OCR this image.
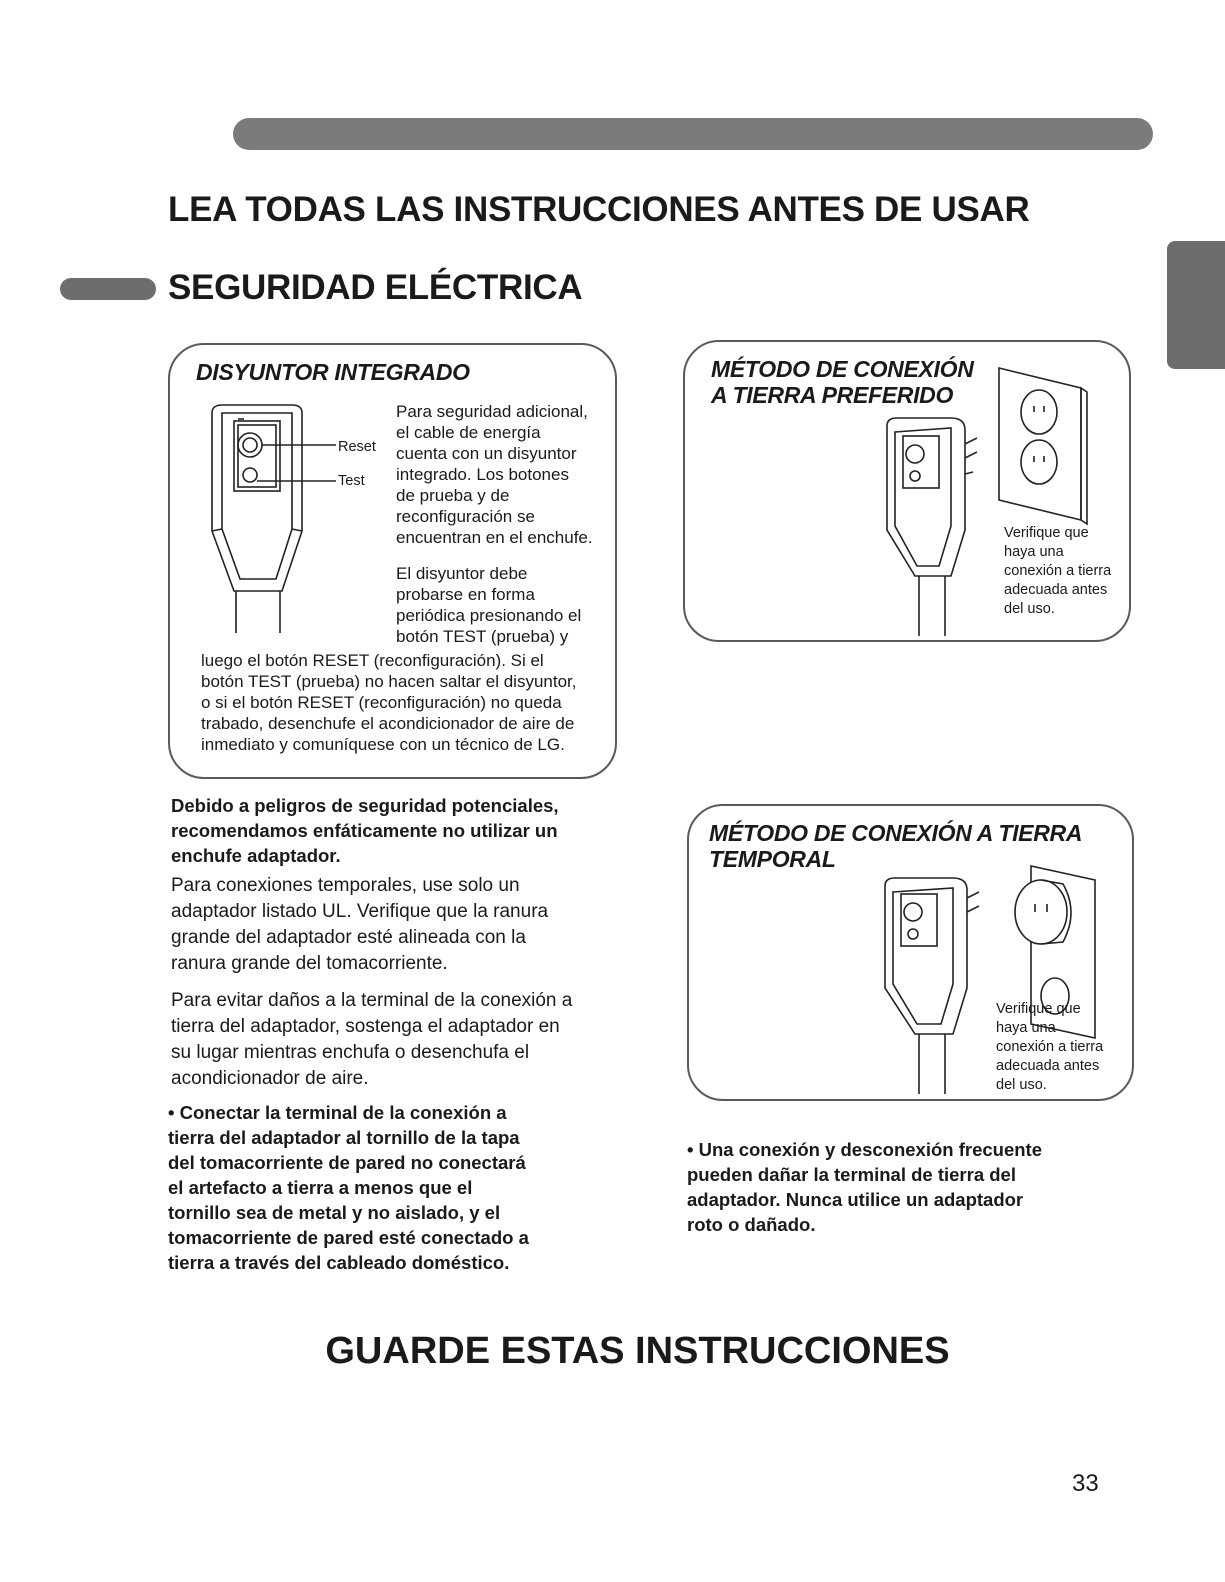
LEA TODAS LAS INSTRUCCIONES ANTES DE USAR
SEGURIDAD ELÉCTRICA
DISYUNTOR INTEGRADO
Reset
Test
Para seguridad adicional,
el cable de energía
cuenta con un disyuntor
integrado. Los botones
de prueba y de
reconfiguración se
encuentran en el enchufe.
El disyuntor debe
probarse en forma
periódica presionando el
botón TEST (prueba) y
luego el botón RESET (reconfiguración). Si el
botón TEST (prueba) no hacen saltar el disyuntor,
o si el botón RESET (reconfiguración) no queda
trabado, desenchufe el acondicionador de aire de
inmediato y comuníquese con un técnico de LG.
MÉTODO DE CONEXIÓN
A TIERRA PREFERIDO
Verifique que
haya una
conexión a tierra
adecuada antes
del uso.
MÉTODO DE CONEXIÓN A TIERRA
TEMPORAL
Verifique que
haya una
conexión a tierra
adecuada antes
del uso.
Debido a peligros de seguridad potenciales,
recomendamos enfáticamente no utilizar un
enchufe adaptador.
Para conexiones temporales, use solo un
adaptador listado UL. Verifique que la ranura
grande del adaptador esté alineada con la
ranura grande del tomacorriente.
Para evitar daños a la terminal de la conexión a
tierra del adaptador, sostenga el adaptador en
su lugar mientras enchufa o desenchufa el
acondicionador de aire.
• Conectar la terminal de la conexión a
tierra del adaptador al tornillo de la tapa
del tomacorriente de pared no conectará
el artefacto a tierra a menos que el
tornillo sea de metal y no aislado, y el
tomacorriente de pared esté conectado a
tierra a través del cableado doméstico.
• Una conexión y desconexión frecuente
pueden dañar la terminal de tierra del
adaptador. Nunca utilice un adaptador
roto o dañado.
GUARDE ESTAS INSTRUCCIONES
33
